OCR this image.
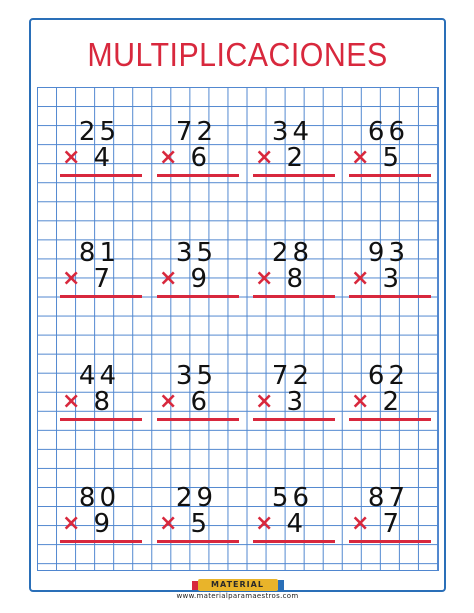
MULTIPLICACIONES
25
× 4
72
× 6
34
× 2
66
× 5
81
× 7
35
× 9
28
× 8
93
× 3
44
× 8
35
× 6
72
× 3
62
× 2
80
× 9
29
× 5
56
× 4
87
× 7
MATERIAL
www.materialparamaestros.com
